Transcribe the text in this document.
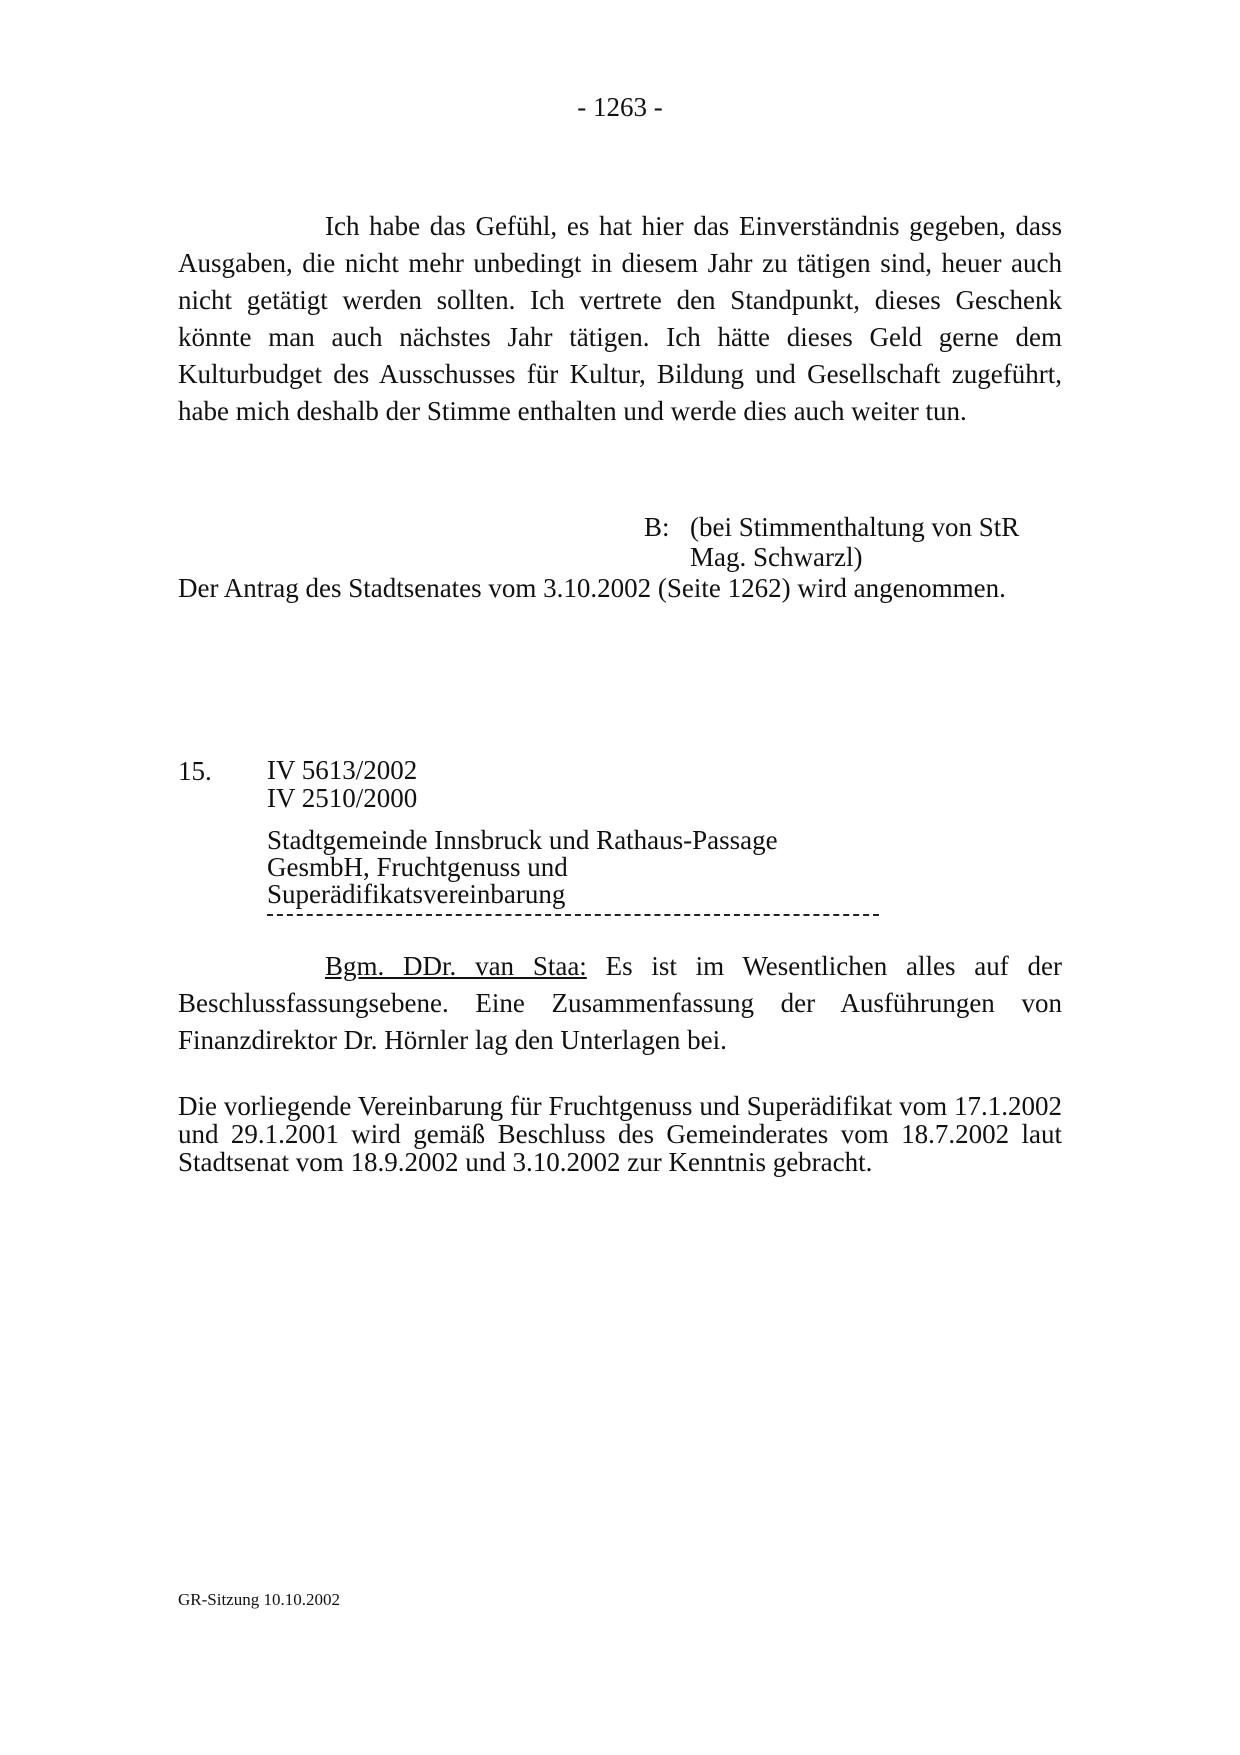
- 1263 -

Ich habe das Gefühl, es hat hier das Einverständnis gegeben, dass Ausgaben, die nicht mehr unbedingt in diesem Jahr zu tätigen sind, heuer auch nicht getätigt werden sollten. Ich vertrete den Standpunkt, dieses Geschenk könnte man auch nächstes Jahr tätigen. Ich hätte dieses Geld gerne dem Kulturbudget des Ausschusses für Kultur, Bildung und Gesellschaft zugeführt, habe mich deshalb der Stimme enthalten und werde dies auch weiter tun.

B: (bei Stimmenthaltung von StR
Mag. Schwarzl)

Der Antrag des Stadtsenates vom 3.10.2002 (Seite 1262) wird angenommen.

15. IV 5613/2002
IV 2510/2000
Stadtgemeinde Innsbruck und Rathaus-Passage GesmbH, Fruchtgenuss und Superädifikatsvereinbarung

Bgm. DDr. van Staa: Es ist im Wesentlichen alles auf der Beschlussfassungsebene. Eine Zusammenfassung der Ausführungen von Finanzdirektor Dr. Hörnler lag den Unterlagen bei.

Die vorliegende Vereinbarung für Fruchtgenuss und Superädifikat vom 17.1.2002 und 29.1.2001 wird gemäß Beschluss des Gemeinderates vom 18.7.2002 laut Stadtsenat vom 18.9.2002 und 3.10.2002 zur Kenntnis gebracht.

GR-Sitzung 10.10.2002
